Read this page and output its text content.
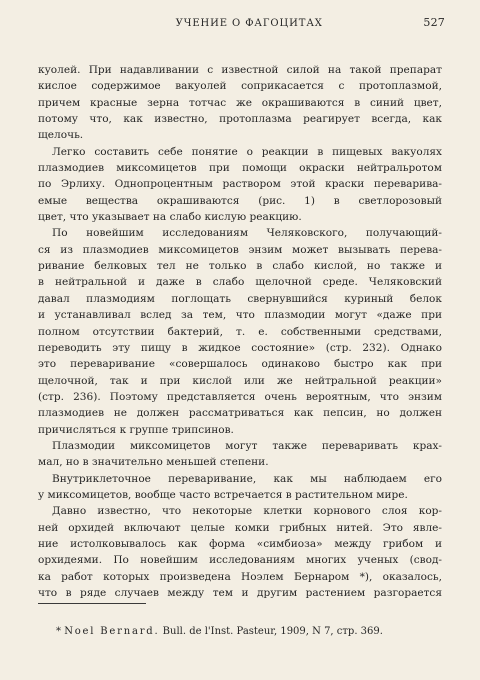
УЧЕНИЕ О ФАГОЦИТАХ	527
куолей. При надавливании с известной силой на такой препарат
кислое содержимое вакуолей соприкасается с протоплазмой,
причем красные зерна тотчас же окрашиваются в синий цвет,
потому что, как известно, протоплазма реагирует всегда, как
щелочь.
Легко составить себе понятие о реакции в пищевых вакуолях
плазмодиев миксомицетов при помощи окраски нейтральротом
по Эрлиху. Однопроцентным раствором этой краски переварива-
емые вещества окрашиваются (рис. 1) в светлорозовый
цвет, что указывает на слабо кислую реакцию.
По новейшим исследованиям Челяковского, получающий-
ся из плазмодиев миксомицетов энзим может вызывать перева-
ривание белковых тел не только в слабо кислой, но также и
в нейтральной и даже в слабо щелочной среде. Челяковский
давал плазмодиям поглощать свернувшийся куриный белок
и устанавливал вслед за тем, что плазмодии могут «даже при
полном отсутствии бактерий, т. е. собственными средствами,
переводить эту пищу в жидкое состояние» (стр. 232). Однако
это переваривание «совершалось одинаково быстро как при
щелочной, так и при кислой или же нейтральной реакции»
(стр. 236). Поэтому представляется очень вероятным, что энзим
плазмодиев не должен рассматриваться как пепсин, но должен
причисляться к группе трипсинов.
Плазмодии миксомицетов могут также переваривать крах-
мал, но в значительно меньшей степени.
Внутриклеточное переваривание, как мы наблюдаем его
у миксомицетов, вообще часто встречается в растительном мире.
Давно известно, что некоторые клетки корнового слоя кор-
ней орхидей включают целые комки грибных нитей. Это явле-
ние истолковывалось как форма «симбиоза» между грибом и
орхидеями. По новейшим исследованиям многих ученых (свод-
ка работ которых произведена Ноэлем Бернаром *), оказалось,
что в ряде случаев между тем и другим растением разгорается
* Noel Bernard. Bull. de l'Inst. Pasteur, 1909, N 7, стр. 369.
